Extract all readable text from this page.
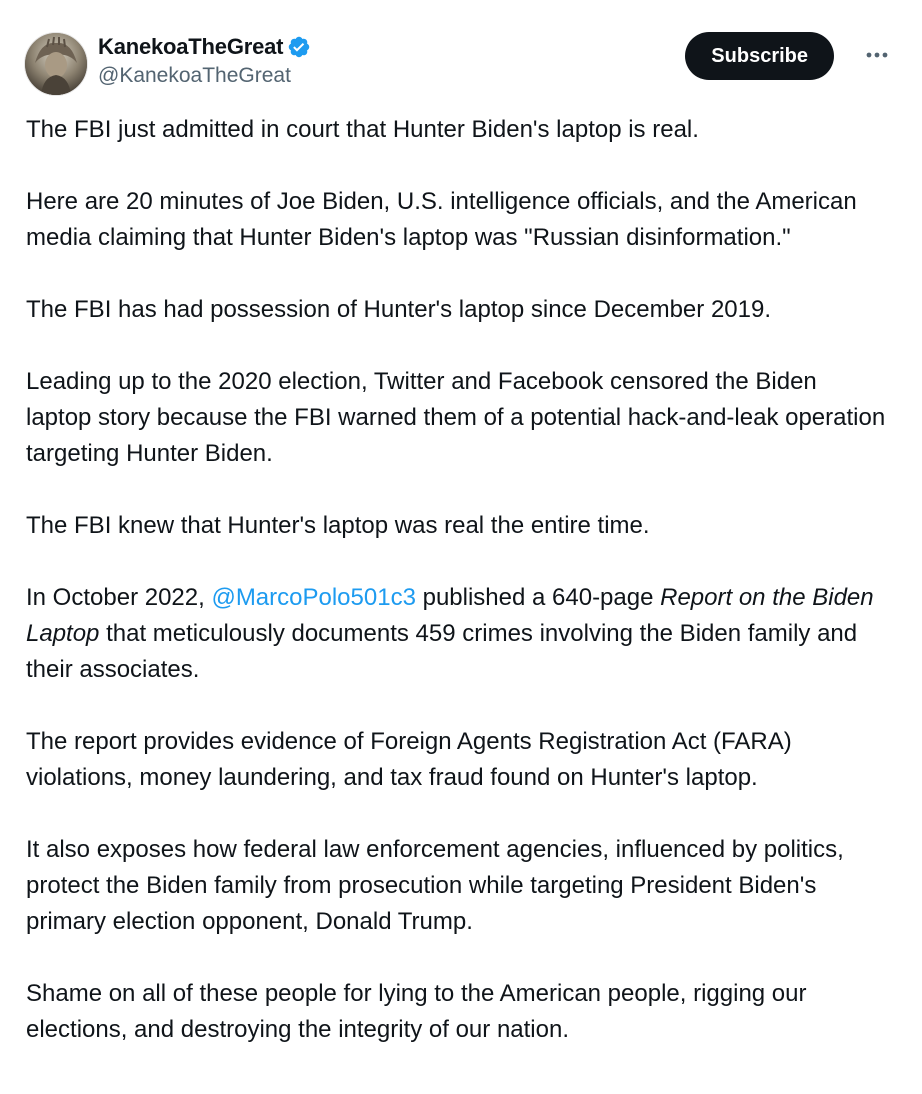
KanekoaTheGreat
@KanekoaTheGreat
Subscribe

The FBI just admitted in court that Hunter Biden's laptop is real.

Here are 20 minutes of Joe Biden, U.S. intelligence officials, and the American media claiming that Hunter Biden's laptop was "Russian disinformation."

The FBI has had possession of Hunter's laptop since December 2019.

Leading up to the 2020 election, Twitter and Facebook censored the Biden laptop story because the FBI warned them of a potential hack-and-leak operation targeting Hunter Biden.

The FBI knew that Hunter's laptop was real the entire time.

In October 2022, @MarcoPolo501c3 published a 640-page Report on the Biden Laptop that meticulously documents 459 crimes involving the Biden family and their associates.

The report provides evidence of Foreign Agents Registration Act (FARA) violations, money laundering, and tax fraud found on Hunter's laptop.

It also exposes how federal law enforcement agencies, influenced by politics, protect the Biden family from prosecution while targeting President Biden's primary election opponent, Donald Trump.

Shame on all of these people for lying to the American people, rigging our elections, and destroying the integrity of our nation.
